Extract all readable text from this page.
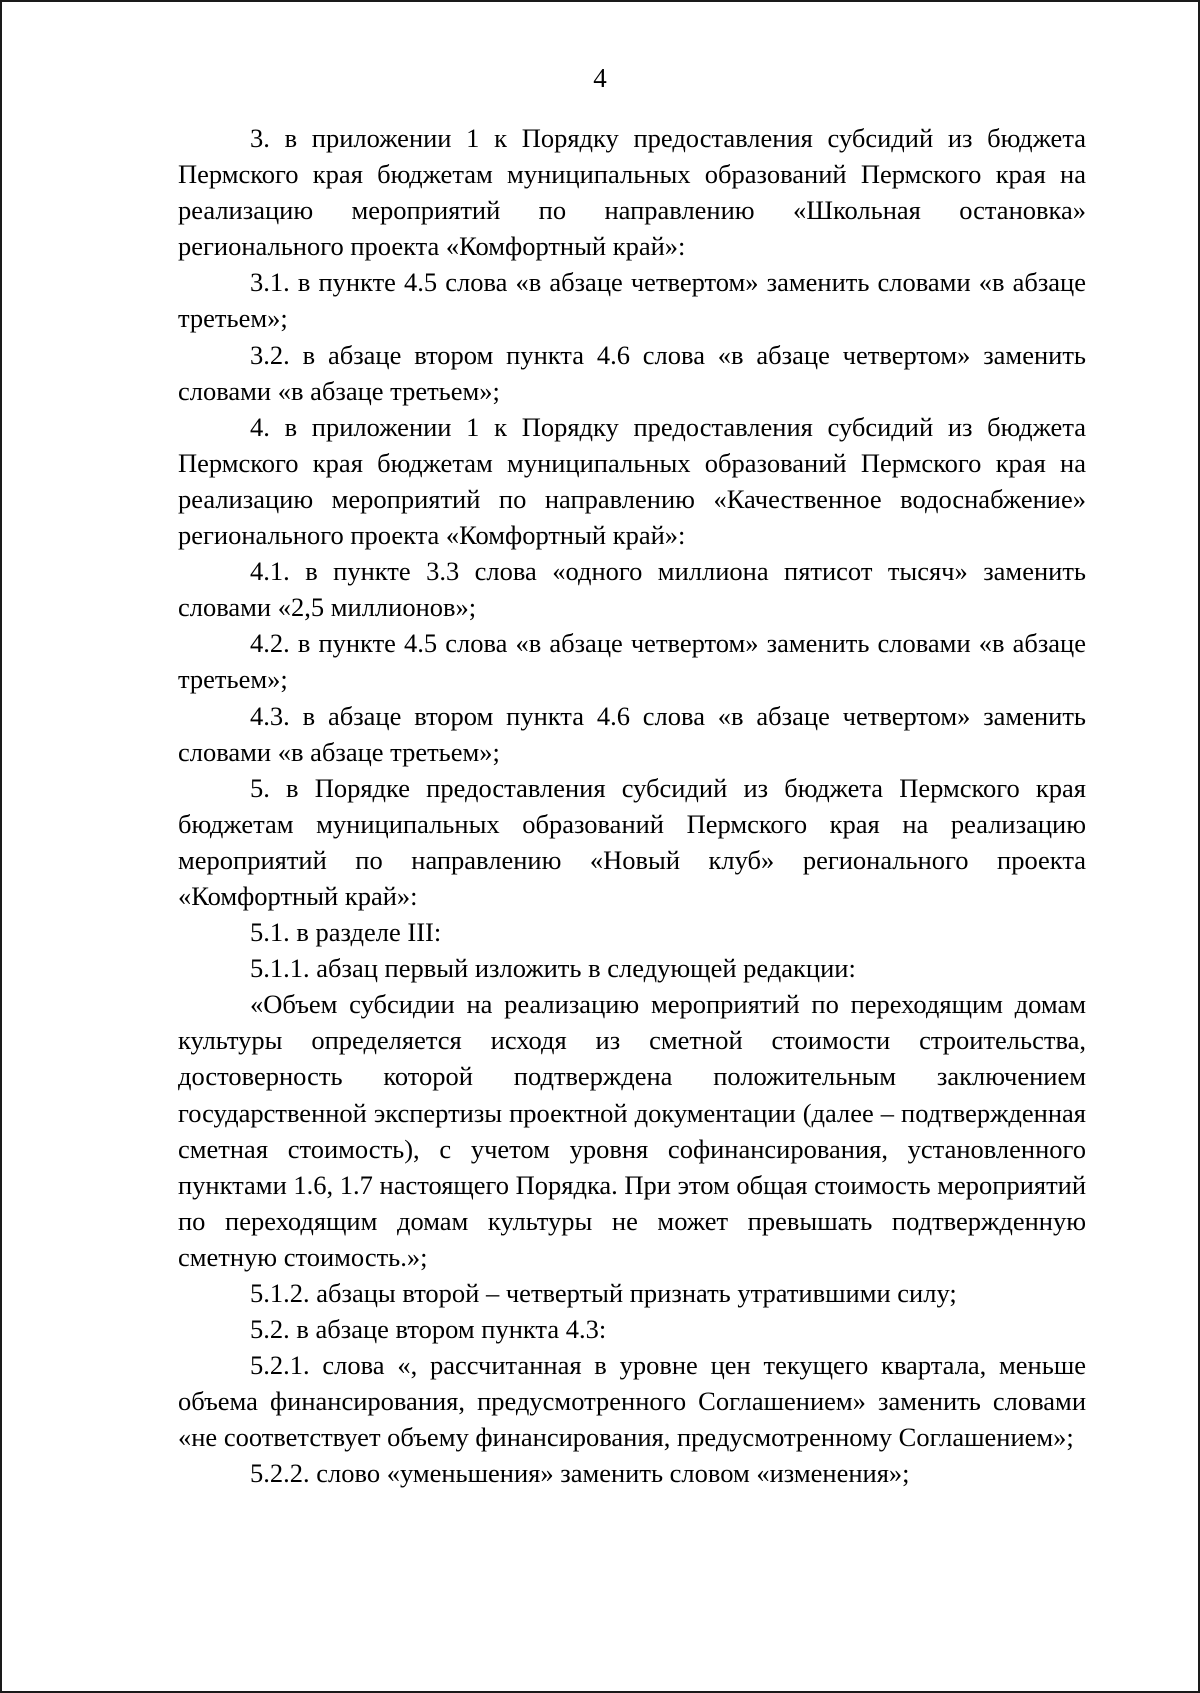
4

3. в приложении 1 к Порядку предоставления субсидий из бюджета Пермского края бюджетам муниципальных образований Пермского края на реализацию мероприятий по направлению «Школьная остановка» регионального проекта «Комфортный край»:

3.1. в пункте 4.5 слова «в абзаце четвертом» заменить словами «в абзаце третьем»;

3.2. в абзаце втором пункта 4.6 слова «в абзаце четвертом» заменить словами «в абзаце третьем»;

4. в приложении 1 к Порядку предоставления субсидий из бюджета Пермского края бюджетам муниципальных образований Пермского края на реализацию мероприятий по направлению «Качественное водоснабжение» регионального проекта «Комфортный край»:

4.1. в пункте 3.3 слова «одного миллиона пятисот тысяч» заменить словами «2,5 миллионов»;

4.2. в пункте 4.5 слова «в абзаце четвертом» заменить словами «в абзаце третьем»;

4.3. в абзаце втором пункта 4.6 слова «в абзаце четвертом» заменить словами «в абзаце третьем»;

5. в Порядке предоставления субсидий из бюджета Пермского края бюджетам муниципальных образований Пермского края на реализацию мероприятий по направлению «Новый клуб» регионального проекта «Комфортный край»:

5.1. в разделе III:

5.1.1. абзац первый изложить в следующей редакции:

«Объем субсидии на реализацию мероприятий по переходящим домам культуры определяется исходя из сметной стоимости строительства, достоверность которой подтверждена положительным заключением государственной экспертизы проектной документации (далее – подтвержденная сметная стоимость), с учетом уровня софинансирования, установленного пунктами 1.6, 1.7 настоящего Порядка. При этом общая стоимость мероприятий по переходящим домам культуры не может превышать подтвержденную сметную стоимость.»;

5.1.2. абзацы второй – четвертый признать утратившими силу;

5.2. в абзаце втором пункта 4.3:

5.2.1. слова «, рассчитанная в уровне цен текущего квартала, меньше объема финансирования, предусмотренного Соглашением» заменить словами «не соответствует объему финансирования, предусмотренному Соглашением»;

5.2.2. слово «уменьшения» заменить словом «изменения»;
